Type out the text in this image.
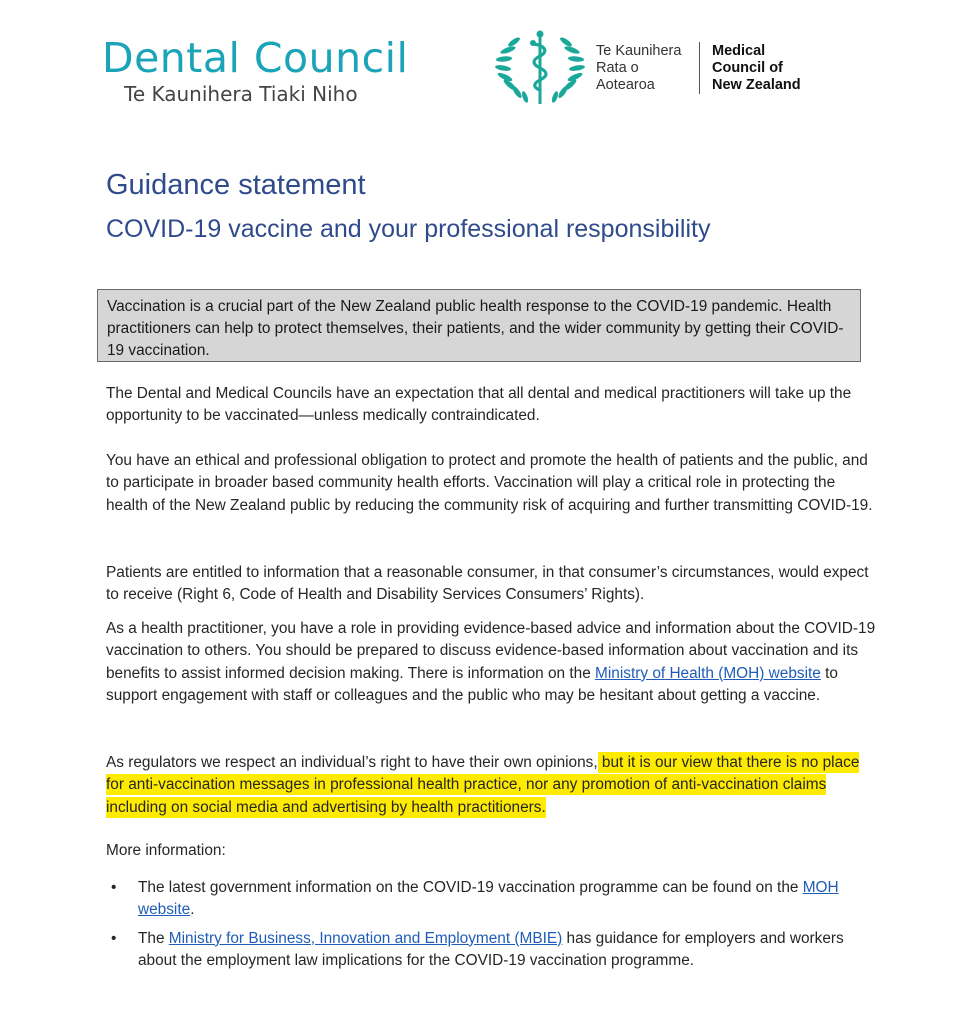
Dental Council
Te Kaunihera Tiaki Niho
Te Kaunihera
Rata o
Aotearoa
Medical
Council of
New Zealand
Guidance statement
COVID-19 vaccine and your professional responsibility
Vaccination is a crucial part of the New Zealand public health response to the COVID-19 pandemic. Health practitioners can help to protect themselves, their patients, and the wider community by getting their COVID-19 vaccination.
The Dental and Medical Councils have an expectation that all dental and medical practitioners will take up the opportunity to be vaccinated—unless medically contraindicated.
You have an ethical and professional obligation to protect and promote the health of patients and the public, and to participate in broader based community health efforts. Vaccination will play a critical role in protecting the health of the New Zealand public by reducing the community risk of acquiring and further transmitting COVID-19.
Patients are entitled to information that a reasonable consumer, in that consumer’s circumstances, would expect to receive (Right 6, Code of Health and Disability Services Consumers’ Rights).
As a health practitioner, you have a role in providing evidence-based advice and information about the COVID-19 vaccination to others. You should be prepared to discuss evidence-based information about vaccination and its benefits to assist informed decision making. There is information on the Ministry of Health (MOH) website to support engagement with staff or colleagues and the public who may be hesitant about getting a vaccine.
As regulators we respect an individual’s right to have their own opinions, but it is our view that there is no place for anti-vaccination messages in professional health practice, nor any promotion of anti-vaccination claims including on social media and advertising by health practitioners.
More information:
• The latest government information on the COVID-19 vaccination programme can be found on the MOH website.
• The Ministry for Business, Innovation and Employment (MBIE) has guidance for employers and workers about the employment law implications for the COVID-19 vaccination programme.
